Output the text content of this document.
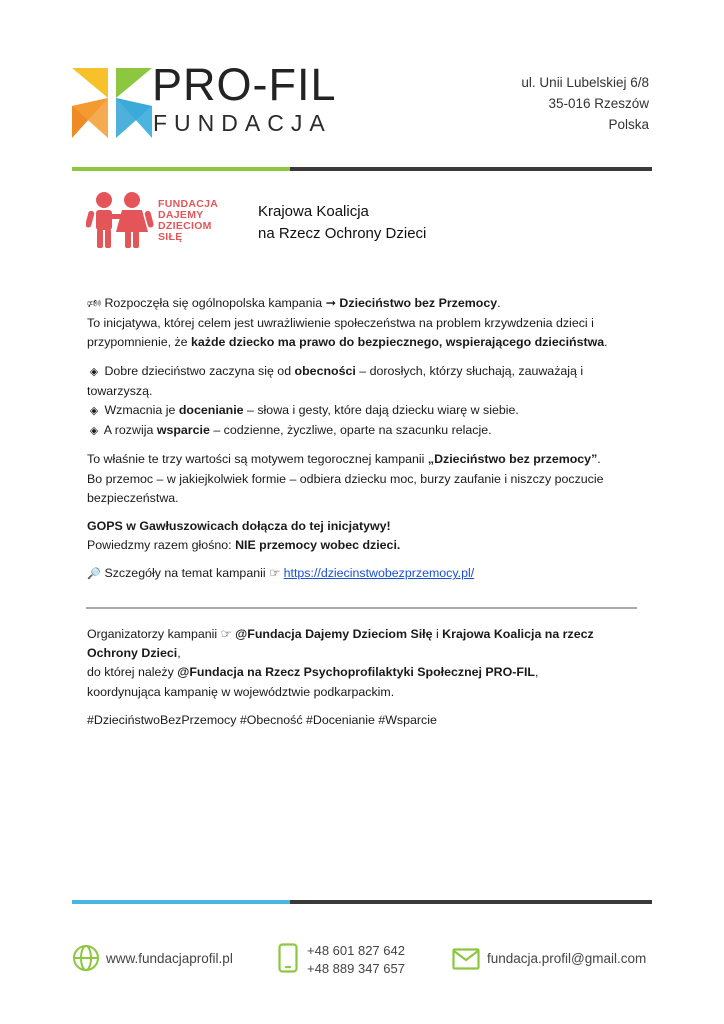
PRO-FIL
FUNDACJA
ul. Unii Lubelskiej 6/8
35-016 Rzeszów
Polska
FUNDACJA
DAJEMY
DZIECIOM
SIŁĘ
Krajowa Koalicja
na Rzecz Ochrony Dzieci

🕬 Rozpoczęła się ogólnopolska kampania ➞ Dzieciństwo bez Przemocy.
To inicjatywa, której celem jest uwrażliwienie społeczeństwa na problem krzywdzenia dzieci i przypomnienie, że każde dziecko ma prawo do bezpiecznego, wspierającego dzieciństwa.

◈ Dobre dzieciństwo zaczyna się od obecności – dorosłych, którzy słuchają, zauważają i towarzyszą.
◈ Wzmacnia je docenianie – słowa i gesty, które dają dziecku wiarę w siebie.
◈ A rozwija wsparcie – codzienne, życzliwe, oparte na szacunku relacje.

To właśnie te trzy wartości są motywem tegorocznej kampanii „Dzieciństwo bez przemocy”.
Bo przemoc – w jakiejkolwiek formie – odbiera dziecku moc, burzy zaufanie i niszczy poczucie bezpieczeństwa.

GOPS w Gawłuszowicach dołącza do tej inicjatywy!
Powiedzmy razem głośno: NIE przemocy wobec dzieci.

🔎 Szczegóły na temat kampanii ☞ https://dziecinstwobezprzemocy.pl/

Organizatorzy kampanii ☞ @Fundacja Dajemy Dzieciom Siłę i Krajowa Koalicja na rzecz Ochrony Dzieci,
do której należy @Fundacja na Rzecz Psychoprofilaktyki Społecznej PRO-FIL,
koordynująca kampanię w województwie podkarpackim.

#DzieciństwoBezPrzemocy #Obecność #Docenianie #Wsparcie

www.fundacjaprofil.pl
+48 601 827 642
+48 889 347 657
fundacja.profil@gmail.com
